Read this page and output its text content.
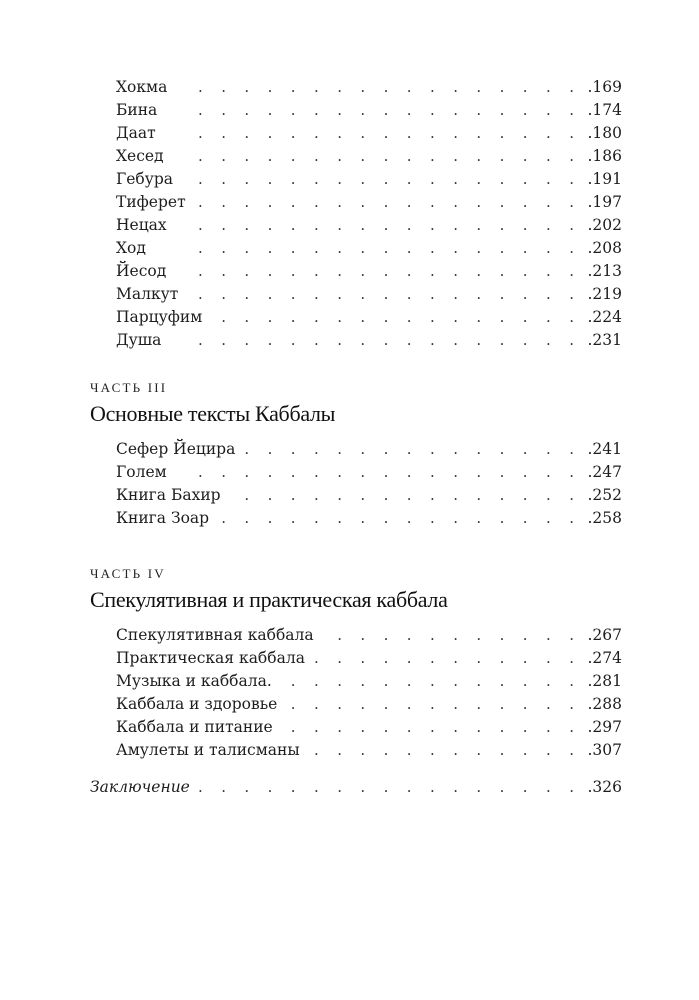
Хокма . . . . . . . . . . . . . . . . . .169
Бина	. . . . . . . . . . . . . . . . . .174
Даат	. . . . . . . . . . . . . . . . . .180
Хесед . . . . . . . . . . . . . . . . . .186
Гебура . . . . . . . . . . . . . . . . . .191
Тиферет . . . . . . . . . . . . . . . . . .197
Нецах . . . . . . . . . . . . . . . . . .202
Ход	. . . . . . . . . . . . . . . . . .208
Йесод . . . . . . . . . . . . . . . . . .213
Малкут . . . . . . . . . . . . . . . . . .219
Парцуфим . . . . . . . . . . . . . . . . .224
Душа . . . . . . . . . . . . . . . . . .231
ЧАСТЬ III
Основные тексты Каббалы
Сефер Йецира . . . . . . . . . . . . . . . .241
Голем . . . . . . . . . . . . . . . . . .247
Книга Бахир . . . . . . . . . . . . . . . .252
Книга Зоар . . . . . . . . . . . . . . . . .258
ЧАСТЬ IV
Спекулятивная и практическая каббала
Спекулятивная каббала . . . . . . . . . . . .267
Практическая каббала . . . . . . . . . . . . .274
Музыка и каббала. . . . . . . . . . . . . . .281
Каббала и здоровье . . . . . . . . . . . . . .288
Каббала и питание . . . . . . . . . . . . . .297
Амулеты и талисманы . . . . . . . . . . . . .307
Заключение . . . . . . . . . . . . . . . . . .326
